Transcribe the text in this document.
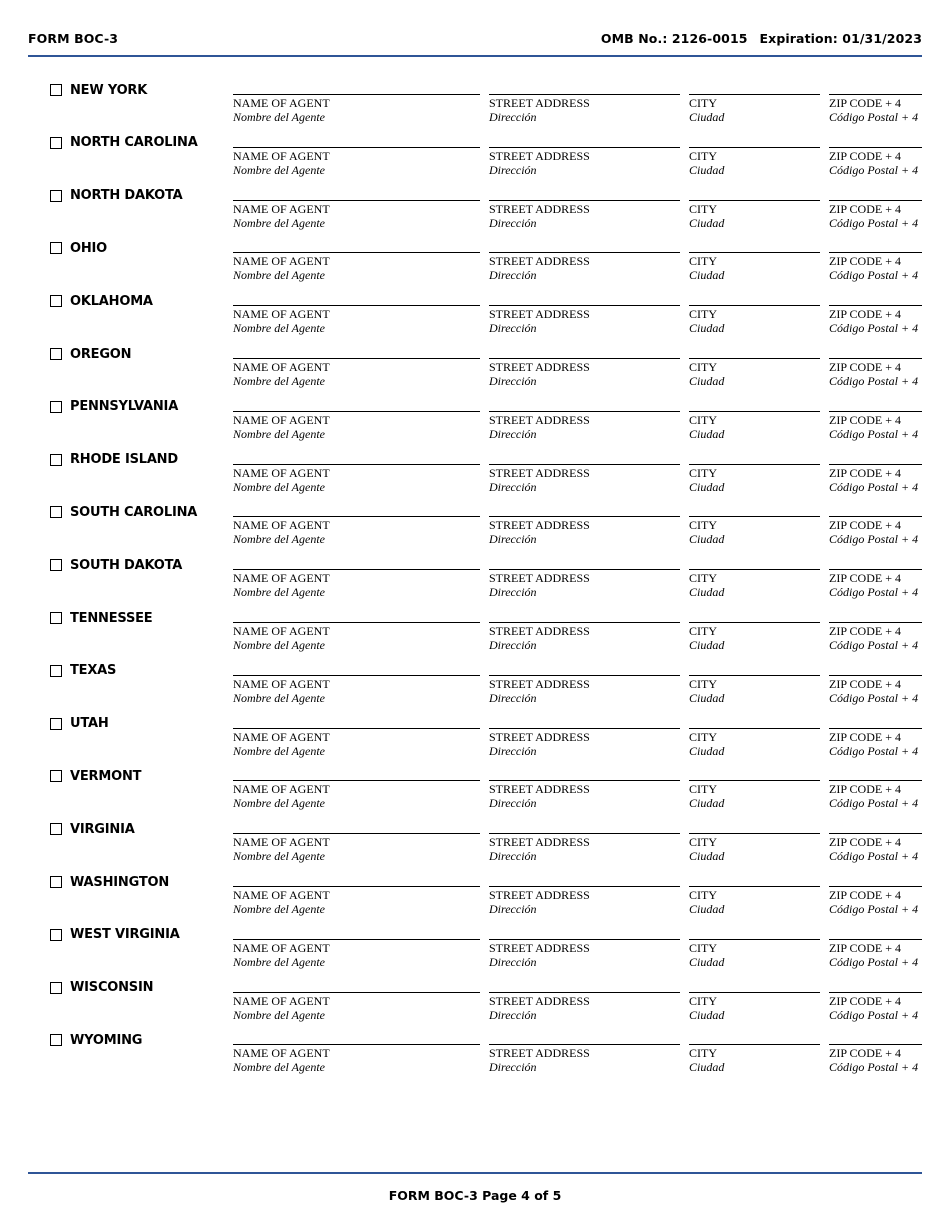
FORM BOC-3	OMB No.: 2126-0015 Expiration: 01/31/2023
NEW YORK
NAME OF AGENT
Nombre del Agente
STREET ADDRESS
Dirección
CITY
Ciudad
ZIP CODE + 4
Código Postal + 4
NORTH CAROLINA
NAME OF AGENT
Nombre del Agente
STREET ADDRESS
Dirección
CITY
Ciudad
ZIP CODE + 4
Código Postal + 4
NORTH DAKOTA
NAME OF AGENT
Nombre del Agente
STREET ADDRESS
Dirección
CITY
Ciudad
ZIP CODE + 4
Código Postal + 4
OHIO
NAME OF AGENT
Nombre del Agente
STREET ADDRESS
Dirección
CITY
Ciudad
ZIP CODE + 4
Código Postal + 4
OKLAHOMA
NAME OF AGENT
Nombre del Agente
STREET ADDRESS
Dirección
CITY
Ciudad
ZIP CODE + 4
Código Postal + 4
OREGON
NAME OF AGENT
Nombre del Agente
STREET ADDRESS
Dirección
CITY
Ciudad
ZIP CODE + 4
Código Postal + 4
PENNSYLVANIA
NAME OF AGENT
Nombre del Agente
STREET ADDRESS
Dirección
CITY
Ciudad
ZIP CODE + 4
Código Postal + 4
RHODE ISLAND
NAME OF AGENT
Nombre del Agente
STREET ADDRESS
Dirección
CITY
Ciudad
ZIP CODE + 4
Código Postal + 4
SOUTH CAROLINA
NAME OF AGENT
Nombre del Agente
STREET ADDRESS
Dirección
CITY
Ciudad
ZIP CODE + 4
Código Postal + 4
SOUTH DAKOTA
NAME OF AGENT
Nombre del Agente
STREET ADDRESS
Dirección
CITY
Ciudad
ZIP CODE + 4
Código Postal + 4
TENNESSEE
NAME OF AGENT
Nombre del Agente
STREET ADDRESS
Dirección
CITY
Ciudad
ZIP CODE + 4
Código Postal + 4
TEXAS
NAME OF AGENT
Nombre del Agente
STREET ADDRESS
Dirección
CITY
Ciudad
ZIP CODE + 4
Código Postal + 4
UTAH
NAME OF AGENT
Nombre del Agente
STREET ADDRESS
Dirección
CITY
Ciudad
ZIP CODE + 4
Código Postal + 4
VERMONT
NAME OF AGENT
Nombre del Agente
STREET ADDRESS
Dirección
CITY
Ciudad
ZIP CODE + 4
Código Postal + 4
VIRGINIA
NAME OF AGENT
Nombre del Agente
STREET ADDRESS
Dirección
CITY
Ciudad
ZIP CODE + 4
Código Postal + 4
WASHINGTON
NAME OF AGENT
Nombre del Agente
STREET ADDRESS
Dirección
CITY
Ciudad
ZIP CODE + 4
Código Postal + 4
WEST VIRGINIA
NAME OF AGENT
Nombre del Agente
STREET ADDRESS
Dirección
CITY
Ciudad
ZIP CODE + 4
Código Postal + 4
WISCONSIN
NAME OF AGENT
Nombre del Agente
STREET ADDRESS
Dirección
CITY
Ciudad
ZIP CODE + 4
Código Postal + 4
WYOMING
NAME OF AGENT
Nombre del Agente
STREET ADDRESS
Dirección
CITY
Ciudad
ZIP CODE + 4
Código Postal + 4
FORM BOC-3 Page 4 of 5
